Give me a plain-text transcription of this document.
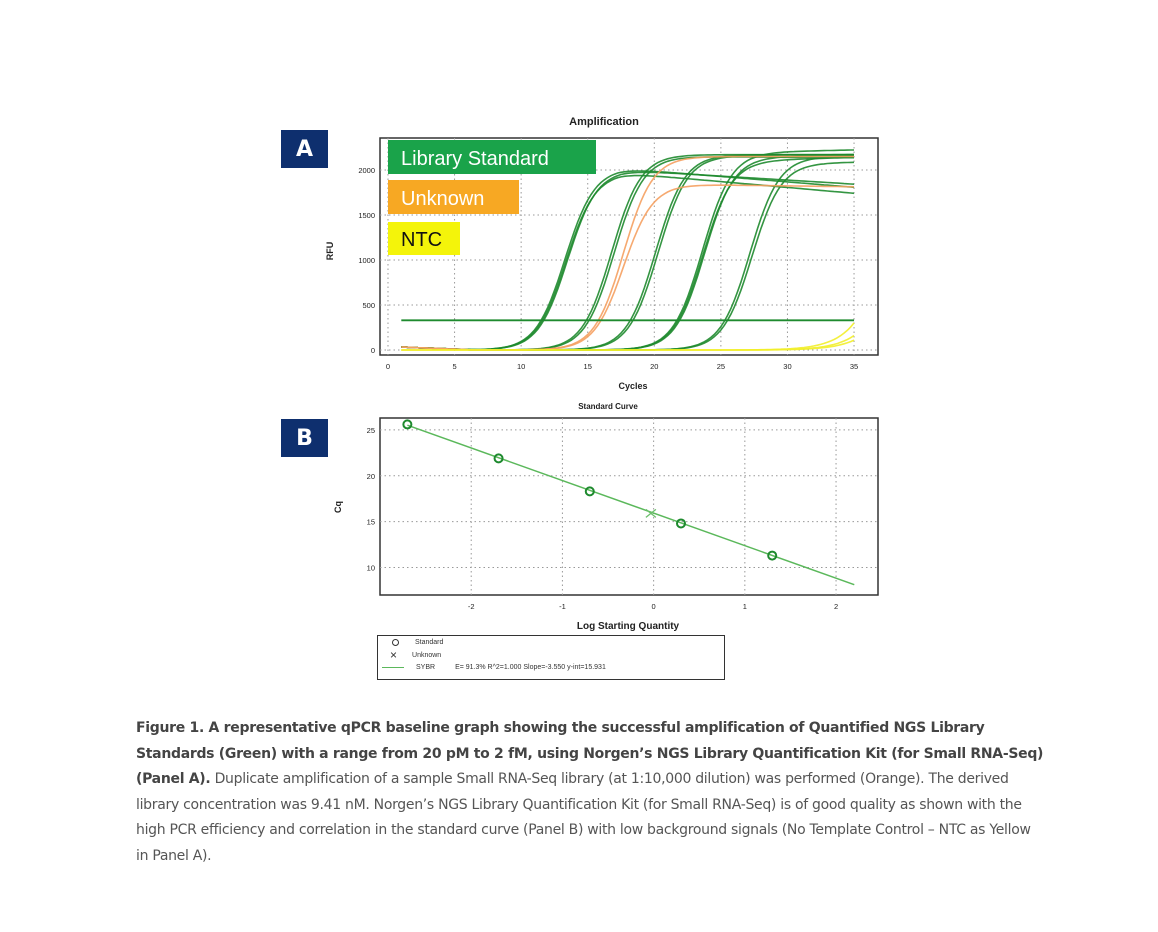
A
B
Amplification
Cycles
RFU
0	5	10	15	20	25	30	35
0
500
1000
1500
2000
Library Standard
Unknown
NTC
Standard Curve
Log Starting Quantity
Cq
-2	-1	0	1	2
10
15
20
25
Standard
× Unknown
SYBR	E= 91.3% R^2=1.000 Slope=-3.550 y-int=15.931
Figure 1. A representative qPCR baseline graph showing the successful amplification of Quantified NGS Library Standards (Green) with a range from 20 pM to 2 fM, using Norgen’s NGS Library Quantification Kit (for Small RNA-Seq) (Panel A). Duplicate amplification of a sample Small RNA-Seq library (at 1:10,000 dilution) was performed (Orange). The derived library concentration was 9.41 nM. Norgen’s NGS Library Quantification Kit (for Small RNA-Seq) is of good quality as shown with the high PCR efficiency and correlation in the standard curve (Panel B) with low background signals (No Template Control – NTC as Yellow in Panel A).
